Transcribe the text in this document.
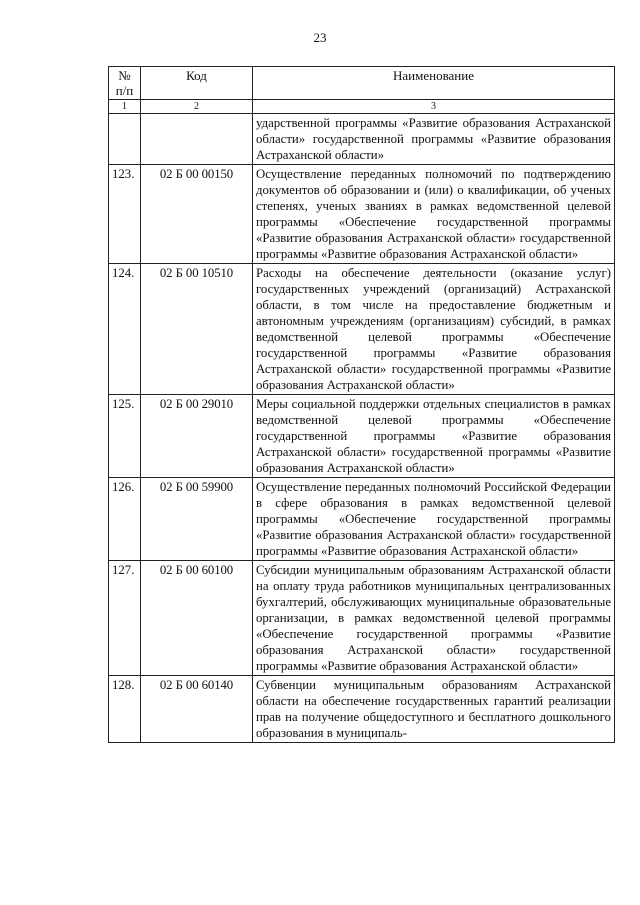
23
№ п/п	Код	Наименование
1	2	3
		ударственной программы «Развитие образования Астраханской области» государственной программы «Развитие образования Астраханской области»
123.	02 Б 00 00150	Осуществление переданных полномочий по подтверждению документов об образовании и (или) о квалификации, об ученых степенях, ученых званиях в рамках ведомственной целевой программы «Обеспечение государственной программы «Развитие образования Астраханской области» государственной программы «Развитие образования Астраханской области»
124.	02 Б 00 10510	Расходы на обеспечение деятельности (оказание услуг) государственных учреждений (организаций) Астраханской области, в том числе на предоставление бюджетным и автономным учреждениям (организациям) субсидий, в рамках ведомственной целевой программы «Обеспечение государственной программы «Развитие образования Астраханской области» государственной программы «Развитие образования Астраханской области»
125.	02 Б 00 29010	Меры социальной поддержки отдельных специалистов в рамках ведомственной целевой программы «Обеспечение государственной программы «Развитие образования Астраханской области» государственной программы «Развитие образования Астраханской области»
126.	02 Б 00 59900	Осуществление переданных полномочий Российской Федерации в сфере образования в рамках ведомственной целевой программы «Обеспечение государственной программы «Развитие образования Астраханской области» государственной программы «Развитие образования Астраханской области»
127.	02 Б 00 60100	Субсидии муниципальным образованиям Астраханской области на оплату труда работников муниципальных централизованных бухгалтерий, обслуживающих муниципальные образовательные организации, в рамках ведомственной целевой программы «Обеспечение государственной программы «Развитие образования Астраханской области» государственной программы «Развитие образования Астраханской области»
128.	02 Б 00 60140	Субвенции муниципальным образованиям Астраханской области на обеспечение государственных гарантий реализации прав на получение общедоступного и бесплатного дошкольного образования в муниципаль-
